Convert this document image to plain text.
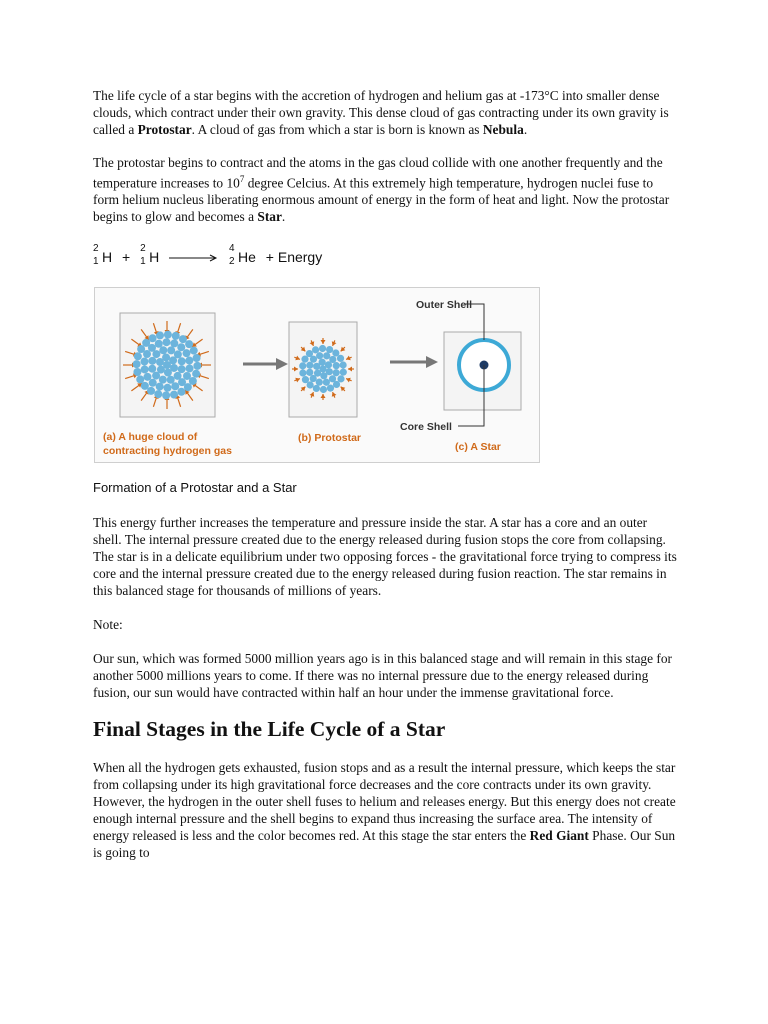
The life cycle of a star begins with the accretion of hydrogen and helium gas at -173°C into smaller dense clouds, which contract under their own gravity. This dense cloud of gas contracting under its own gravity is called a Protostar. A cloud of gas from which a star is born is known as Nebula.

The protostar begins to contract and the atoms in the gas cloud collide with one another frequently and the temperature increases to $10^7$ degree Celcius. At this extremely high temperature, hydrogen nuclei fuse to form helium nucleus liberating enormous amount of energy in the form of heat and light. Now the protostar begins to glow and becomes a Star.

2
1 H +
2
1 H →
4
2 He + Energy
Outer Shell
Core Shell
(a) A huge cloud of
contracting hydrogen gas
(b) Protostar
(c) A Star
Formation of a Protostar and a Star

This energy further increases the temperature and pressure inside the star. A star has a core and an outer shell. The internal pressure created due to the energy released during fusion stops the core from collapsing. The star is in a delicate equilibrium under two opposing forces - the gravitational force trying to compress its core and the internal pressure created due to the energy released during fusion reaction. The star remains in this balanced stage for thousands of millions of years.

Note:

Our sun, which was formed 5000 million years ago is in this balanced stage and will remain in this stage for another 5000 millions years to come. If there was no internal pressure due to the energy released during fusion, our sun would have contracted within half an hour under the immense gravitational force.

Final Stages in the Life Cycle of a Star

When all the hydrogen gets exhausted, fusion stops and as a result the internal pressure, which keeps the star from collapsing under its high gravitational force decreases and the core contracts under its own gravity. However, the hydrogen in the outer shell fuses to helium and releases energy. But this energy does not create enough internal pressure and the shell begins to expand thus increasing the surface area. The intensity of energy released is less and the color becomes red. At this stage the star enters the Red Giant Phase. Our Sun is going to
